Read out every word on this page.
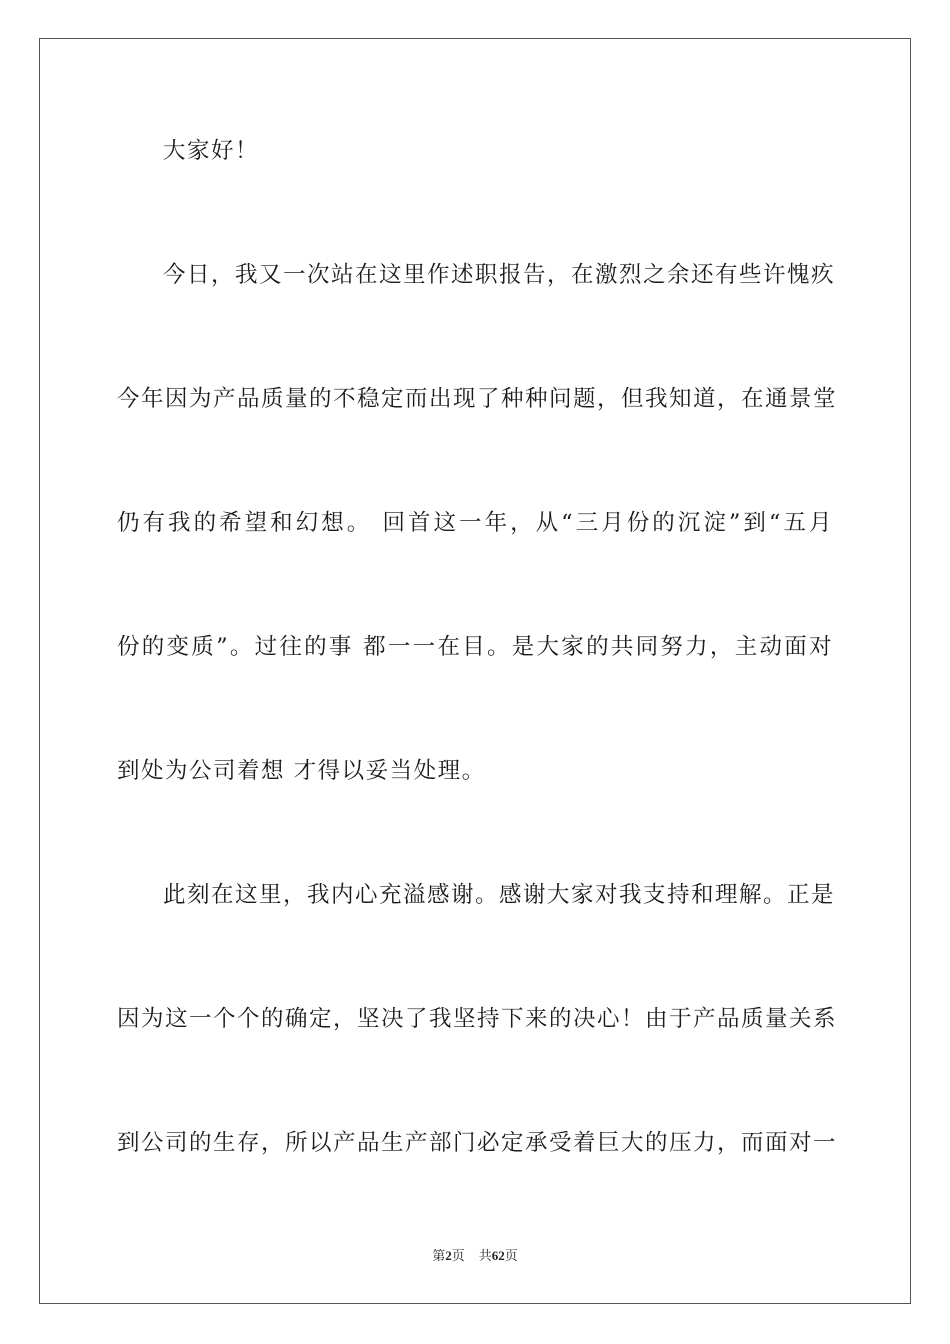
大家好！
今日，我又一次站在这里作述职报告，在激烈之余还有些许愧疚
今年因为产品质量的不稳定而出现了种种问题，但我知道，在通景堂
仍有我的希望和幻想。 回首这一年，从“三月份的沉淀”到“五月
份的变质”。过往的事 都一一在目。是大家的共同努力，主动面对
到处为公司着想 才得以妥当处理。
此刻在这里，我内心充溢感谢。感谢大家对我支持和理解。正是
因为这一个个的确定，坚决了我坚持下来的决心！由于产品质量关系
到公司的生存，所以产品生产部门必定承受着巨大的压力，而面对一
第2页 共62页
